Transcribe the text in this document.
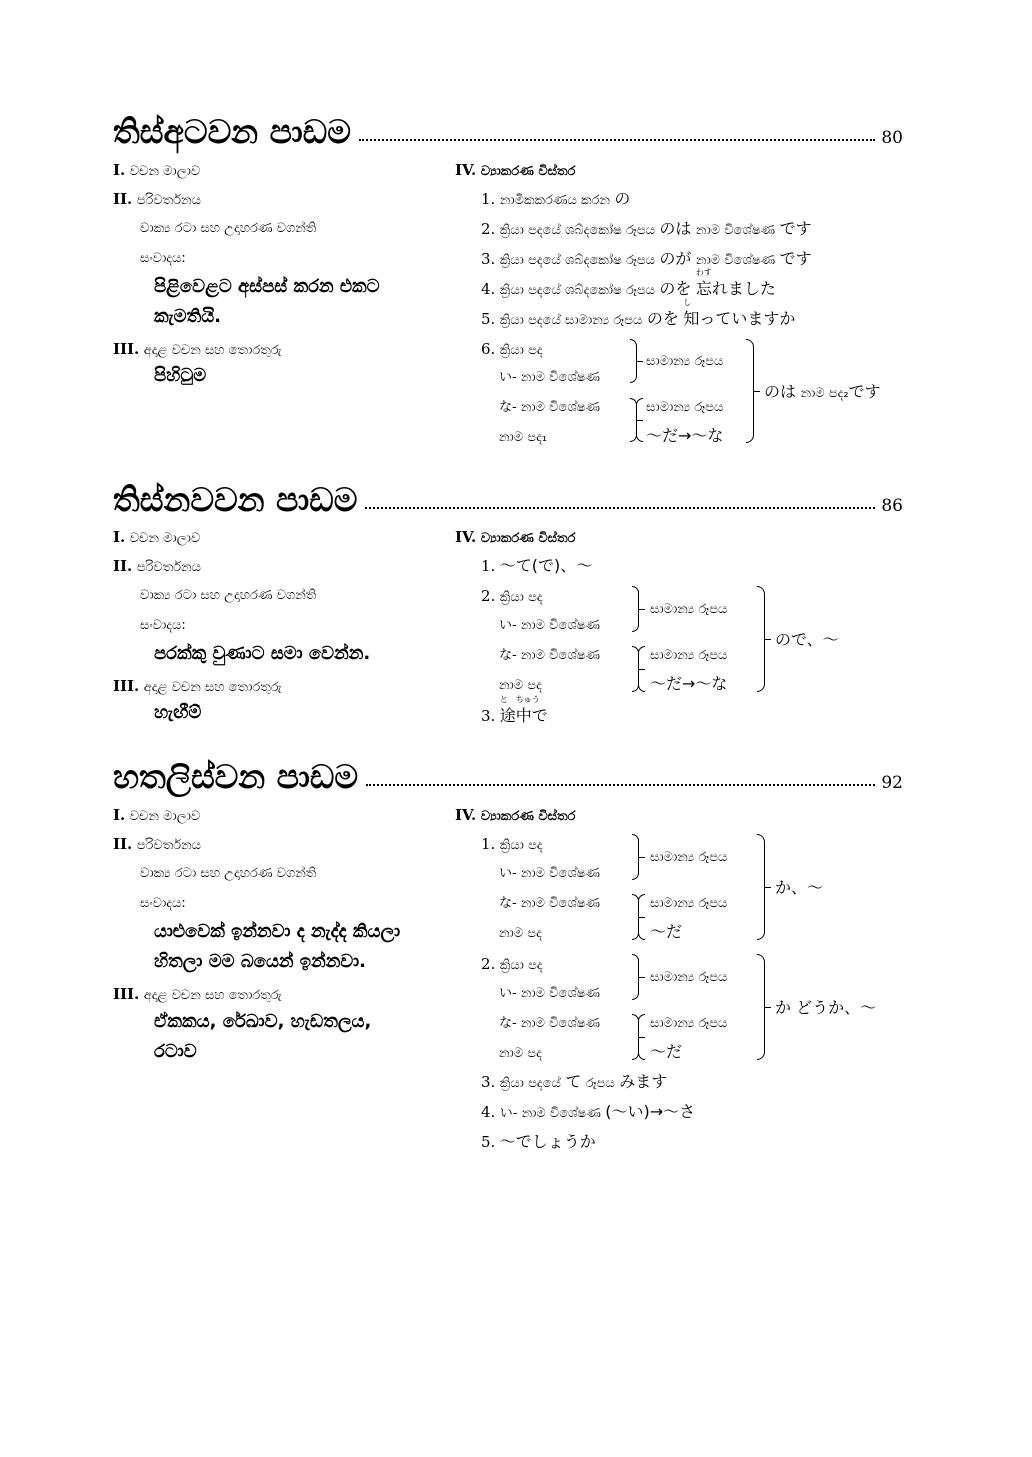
තිස්අටවන පාඩම	80
I. වචන මාලාව
II. පරිවර්තනය
වාක්‍ය රටා සහ උදාහරණ වගන්ති
සංවාදය:
පිළිවෙළට අස්පස් කරන එකට
කැමතියි.
III. අදාළ වචන සහ තොරතුරු
පිහිටුම
IV. ව්‍යාකරණ විස්තර
1. නාමිකකරණය කරන の
2. ක්‍රියා පදයේ ශබ්දකෝෂ රූපය のは නාම විශේෂණ です
3. ක්‍රියා පදයේ ශබ්දකෝෂ රූපය のが නාම විශේෂණ です
4. ක්‍රියා පදයේ ශබ්දකෝෂ රූපය のを
わす
忘れました
5. ක්‍රියා පදයේ සාමාන්‍ය රූපය のを
し
知っていますか
6. ක්‍රියා පද
い- නාම විශේෂණ
な- නාම විශේෂණ
නාම පද₁
සාමාන්‍ය රූපය
සාමාන්‍ය රූපය
～だ→～な
のは නාම පද₂です
තිස්නවවන පාඩම	86
I. වචන මාලාව
II. පරිවර්තනය
වාක්‍ය රටා සහ උදාහරණ වගන්ති
සංවාදය:
පරක්කු වුණාට සමා වෙන්න.
III. අදාළ වචන සහ තොරතුරු
හැඟීම්
IV. ව්‍යාකරණ විස්තර
1. ～て(で)、～
2. ක්‍රියා පද
い- නාම විශේෂණ
な- නාම විශේෂණ
නාම පද
සාමාන්‍ය රූපය
සාමාන්‍ය රූපය
～だ→～な
ので、～
3.
と
途
ちゅう
中で
හතලිස්වන පාඩම	92
I. වචන මාලාව
II. පරිවර්තනය
වාක්‍ය රටා සහ උදාහරණ වගන්ති
සංවාදය:
යාළුවෙක් ඉන්නවා ද නැද්ද කියලා
හිතලා මම බයෙන් ඉන්නවා.
III. අදාළ වචන සහ තොරතුරු
ඒකකය, රේඛාව, හැඩතලය,
රටාව
IV. ව්‍යාකරණ විස්තර
1. ක්‍රියා පද
い- නාම විශේෂණ
な- නාම විශේෂණ
නාම පද
සාමාන්‍ය රූපය
සාමාන්‍ය රූපය
～だ
か、～
2. ක්‍රියා පද
い- නාම විශේෂණ
な- නාම විශේෂණ
නාම පද
සාමාන්‍ය රූපය
සාමාන්‍ය රූපය
～だ
か どうか、～
3. ක්‍රියා පදයේ て රූපය みます
4. い- නාම විශේෂණ (～い)→～さ
5. ～でしょうか
